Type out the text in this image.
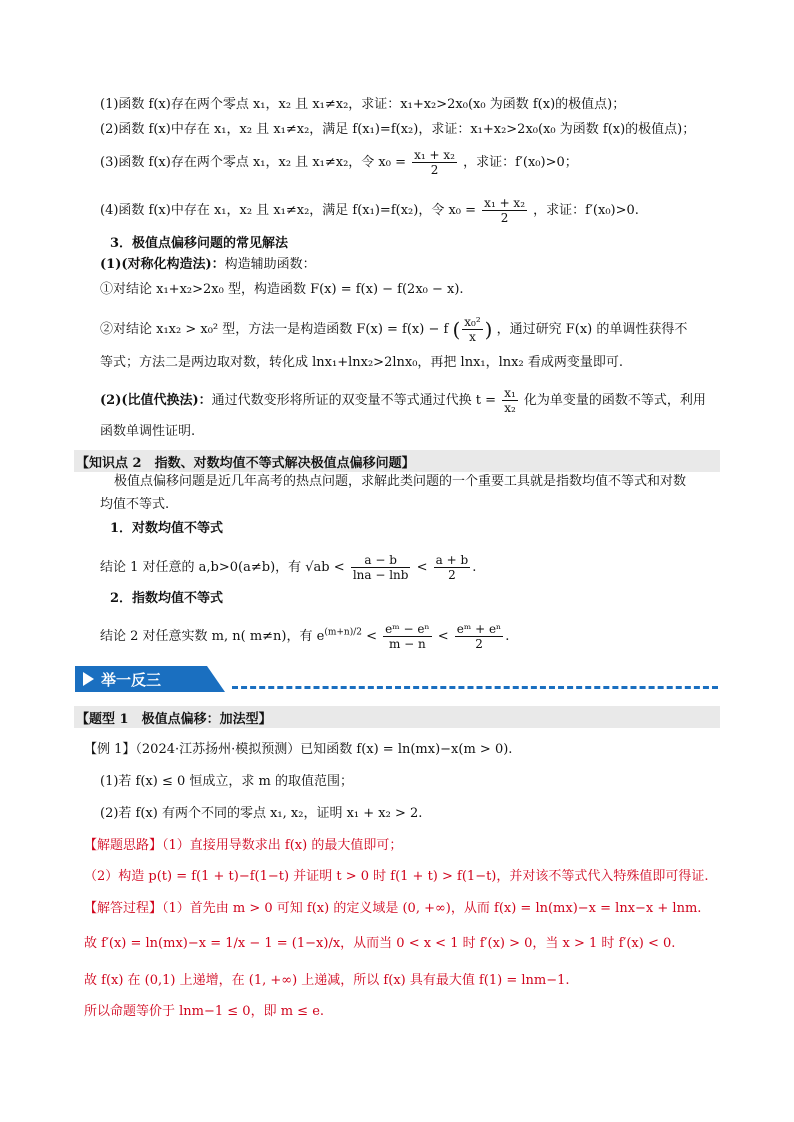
(1)函数 f(x)存在两个零点 x₁，x₂ 且 x₁≠x₂，求证：x₁+x₂>2x₀(x₀ 为函数 f(x)的极值点)；
(2)函数 f(x)中存在 x₁，x₂ 且 x₁≠x₂，满足 f(x₁)=f(x₂)，求证：x₁+x₂>2x₀(x₀ 为函数 f(x)的极值点)；
(3)函数 f(x)存在两个零点 x₁，x₂ 且 x₁≠x₂，令 $x_0 = \frac{\text{x₁ + x₂}}{2}$ ，求证：f′(x₀)>0；
(4)函数 f(x)中存在 x₁，x₂ 且 x₁≠x₂，满足 f(x₁)=f(x₂)，令 $x_0 = \frac{\text{x₁ + x₂}}{2}$ ，求证：f′(x₀)>0.
3．极值点偏移问题的常见解法
(1)(对称化构造法)：构造辅助函数：
①对结论 x₁+x₂>2x₀ 型，构造函数 F(x) = f(x) − f(2x₀ − x).
②对结论 x₁x₂ > x₀² 型，方法一是构造函数 F(x) = f(x) − f ( $\frac{\text{x₀²}}{x}$ ) ，通过研究 F(x) 的单调性获得不
等式；方法二是两边取对数，转化成 lnx₁+lnx₂>2lnx₀，再把 lnx₁，lnx₂ 看成两变量即可.
(2)(比值代换法)：通过代数变形将所证的双变量不等式通过代换 $t = \frac{\text{x₁}}{\text{x₂}}$ 化为单变量的函数不等式，利用
函数单调性证明.
【知识点 2　指数、对数均值不等式解决极值点偏移问题】
极值点偏移问题是近几年高考的热点问题，求解此类问题的一个重要工具就是指数均值不等式和对数
均值不等式.
1．对数均值不等式
结论 1 对任意的 a,b>0(a≠b)，有 $√ab < \frac{a - b}{\ln a - \ln b} < \frac{a + b}{2}$ .
2．指数均值不等式
结论 2 对任意实数 m, n( m≠n)，有 $e^{(m+n)/2} < \frac{\text{eᵐ − eⁿ}}{m - n} < \frac{\text{eᵐ + eⁿ}}{2}$ .
举一反三
【题型 1　极值点偏移：加法型】
【例 1】（2024·江苏扬州·模拟预测）已知函数 f(x) = ln(mx)−x(m > 0).
(1)若 f(x) ≤ 0 恒成立，求 m 的取值范围；
(2)若 f(x) 有两个不同的零点 x₁, x₂，证明 x₁ + x₂ > 2.
【解题思路】（1）直接用导数求出 f(x) 的最大值即可；
（2）构造 p(t) = f(1 + t)−f(1−t) 并证明 t > 0 时 f(1 + t) > f(1−t)，并对该不等式代入特殊值即可得证.
【解答过程】（1）首先由 m > 0 可知 f(x) 的定义域是 (0, +∞)，从而 f(x) = ln(mx)−x = lnx−x + lnm.
故 f′(x) = ln(mx)−x = 1/x − 1 = (1−x)/x，从而当 0 < x < 1 时 f′(x) > 0，当 x > 1 时 f′(x) < 0.
故 f(x) 在 (0,1) 上递增，在 (1, +∞) 上递减，所以 f(x) 具有最大值 f(1) = lnm−1.
所以命题等价于 lnm−1 ≤ 0，即 m ≤ e.
